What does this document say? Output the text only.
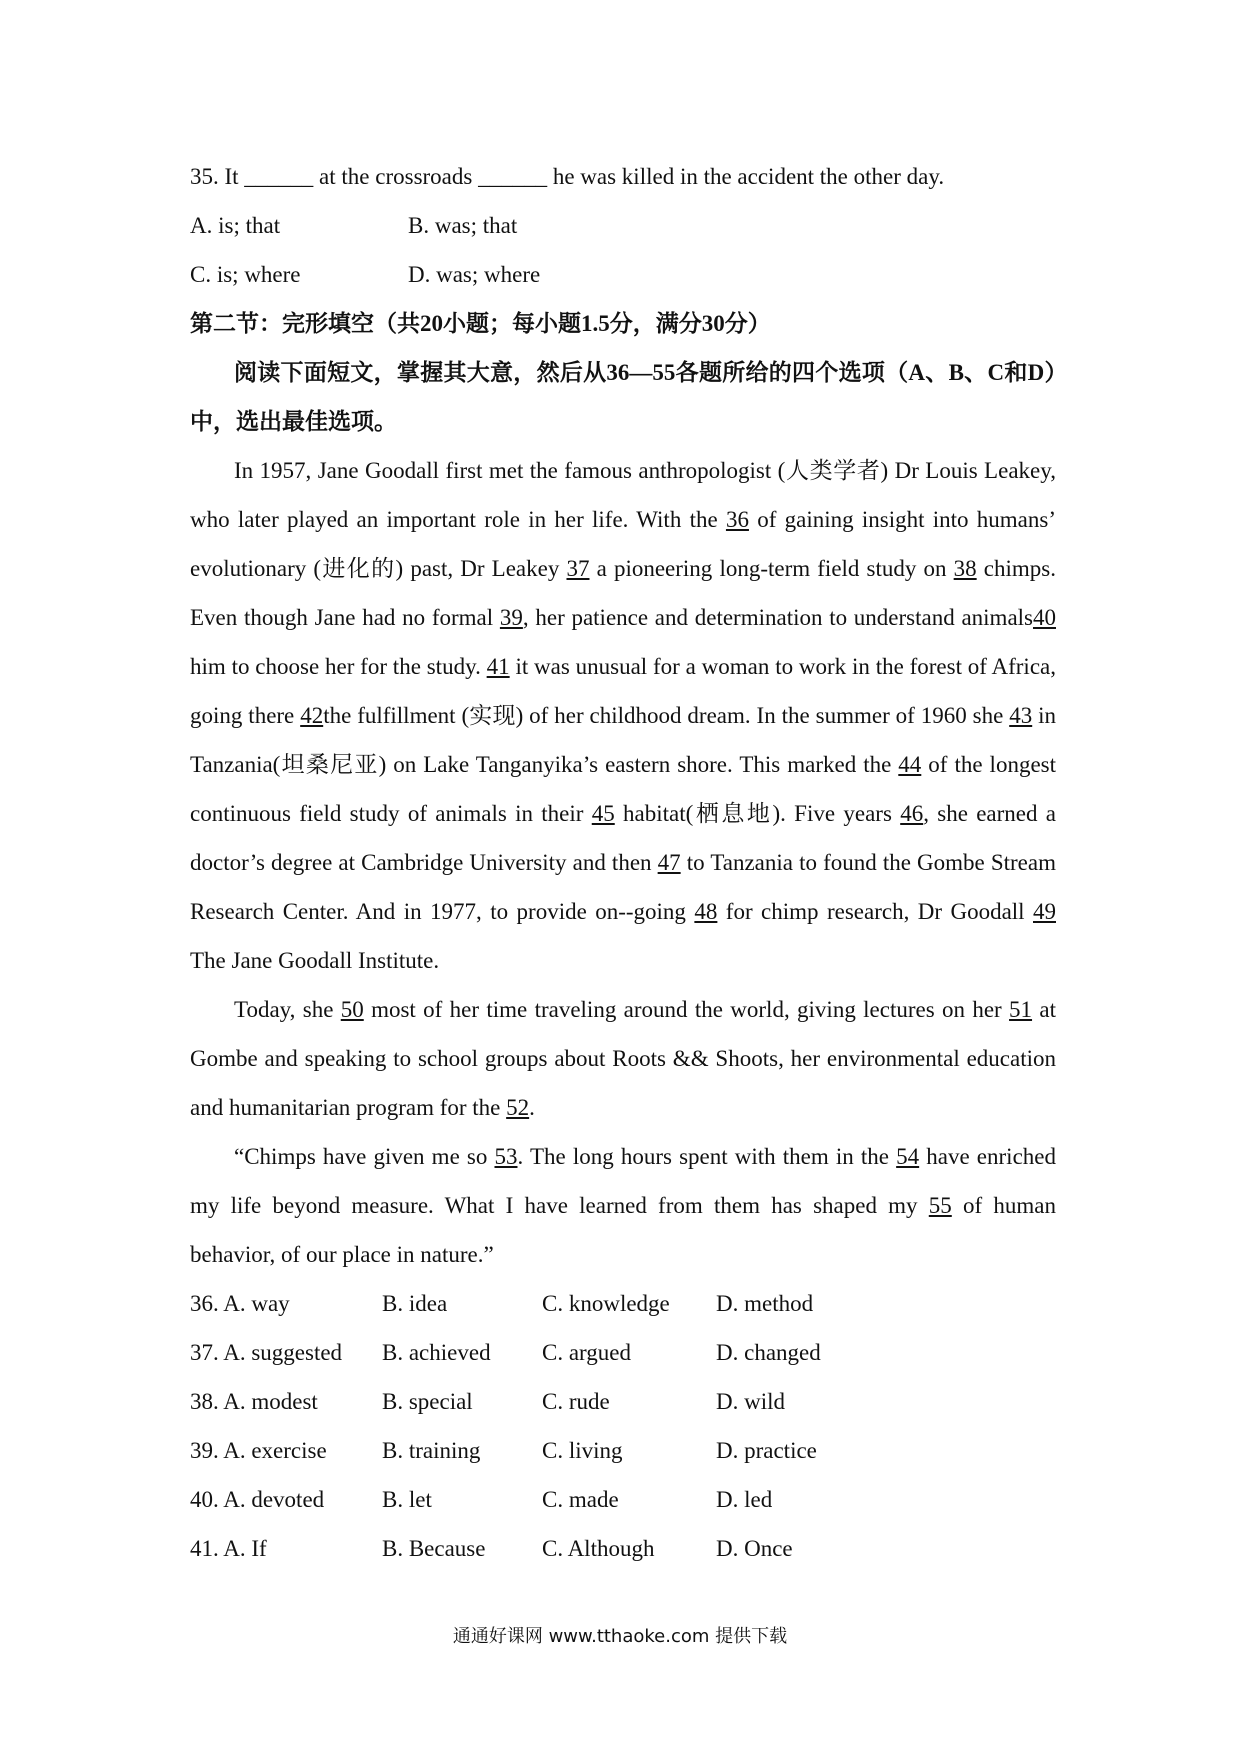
35. It ______ at the crossroads ______ he was killed in the accident the other day.
A. is; that	B. was; that
C. is; where	D. was; where
第二节：完形填空（共20小题；每小题1.5分，满分30分）
阅读下面短文，掌握其大意，然后从36—55各题所给的四个选项（A、B、C和D）中，选出最佳选项。

In 1957, Jane Goodall first met the famous anthropologist (人类学者) Dr Louis Leakey, who later played an important role in her life. With the 36 of gaining insight into humans’ evolutionary (进化的) past, Dr Leakey 37 a pioneering long-term field study on 38 chimps. Even though Jane had no formal 39, her patience and determination to understand animals40him to choose her for the study. 41 it was unusual for a woman to work in the forest of Africa, going there 42the fulfillment (实现) of her childhood dream. In the summer of 1960 she 43 in Tanzania(坦桑尼亚) on Lake Tanganyika’s eastern shore. This marked the 44 of the longest continuous field study of animals in their 45 habitat(栖息地). Five years 46, she earned a doctor’s degree at Cambridge University and then 47 to Tanzania to found the Gombe Stream Research Center. And in 1977, to provide on--going 48 for chimp research, Dr Goodall 49 The Jane Goodall Institute.

Today, she 50 most of her time traveling around the world, giving lectures on her 51 at Gombe and speaking to school groups about Roots && Shoots, her environmental education and humanitarian program for the 52.

“Chimps have given me so 53. The long hours spent with them in the 54 have enriched my life beyond measure. What I have learned from them has shaped my 55 of human behavior, of our place in nature.”

36. A. way	B. idea	C. knowledge	D. method
37. A. suggested	B. achieved	C. argued	D. changed
38. A. modest	B. special	C. rude	D. wild
39. A. exercise	B. training	C. living	D. practice
40. A. devoted	B. let	C. made	D. led
41. A. If	B. Because	C. Although	D. Once
通通好课网 www.tthaoke.com 提供下载
